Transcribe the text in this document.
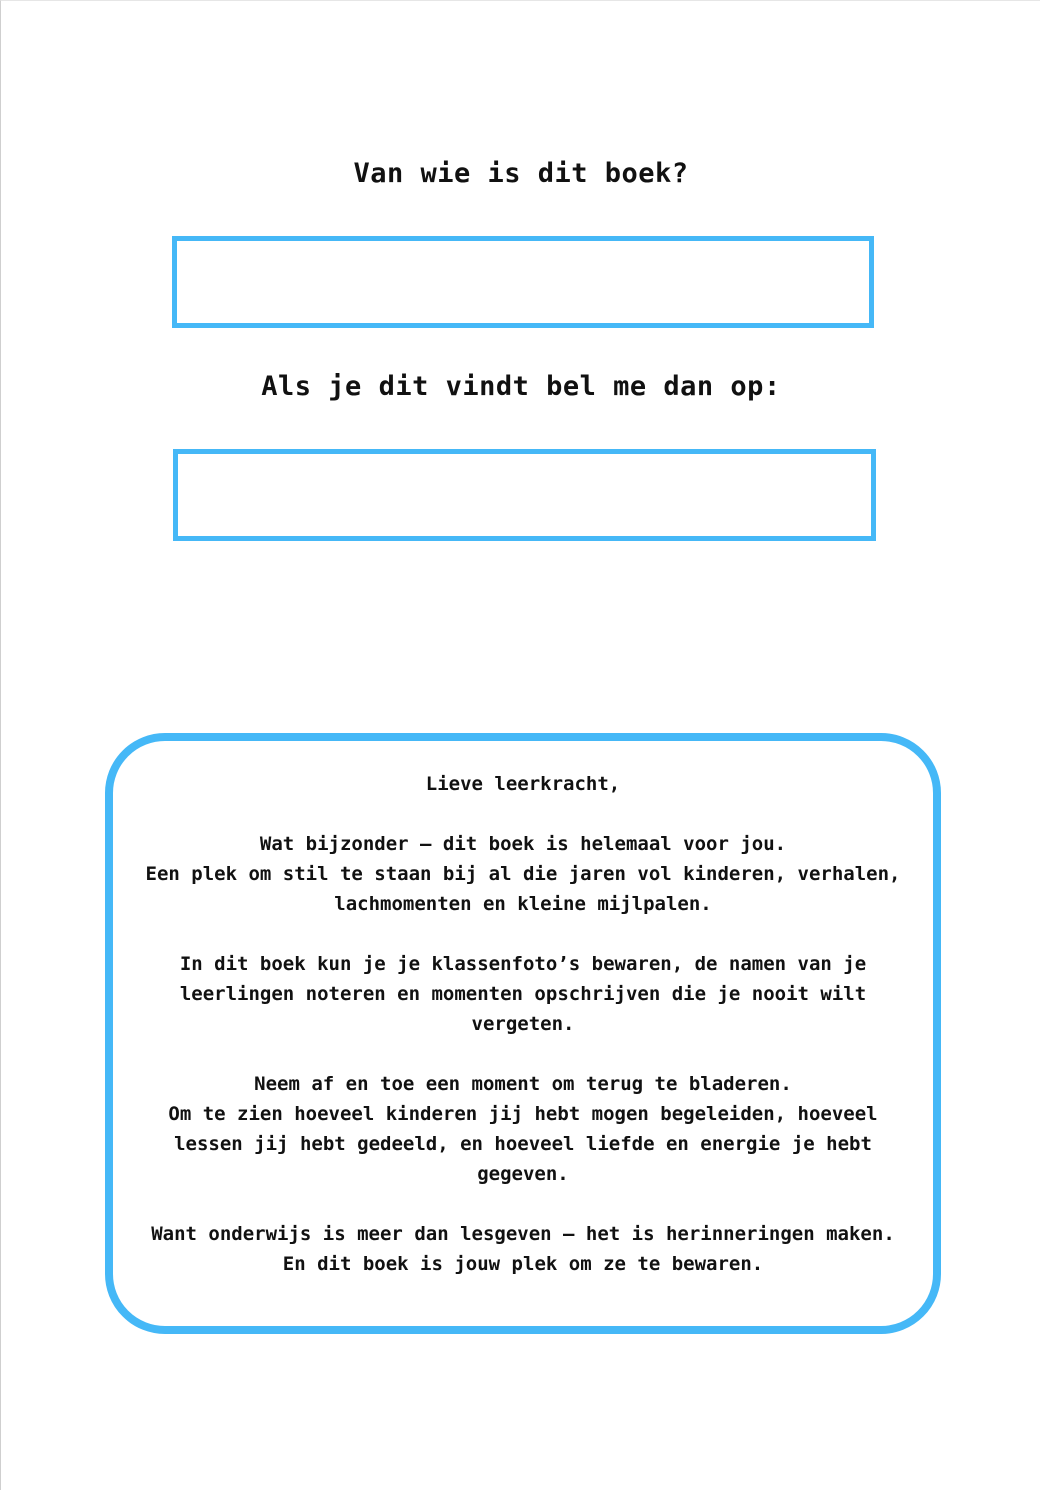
Van wie is dit boek?
Als je dit vindt bel me dan op:

Lieve leerkracht,

Wat bijzonder – dit boek is helemaal voor jou.
Een plek om stil te staan bij al die jaren vol kinderen, verhalen, lachmomenten en kleine mijlpalen.

In dit boek kun je je klassenfoto’s bewaren, de namen van je leerlingen noteren en momenten opschrijven die je nooit wilt vergeten.

Neem af en toe een moment om terug te bladeren.
Om te zien hoeveel kinderen jij hebt mogen begeleiden, hoeveel lessen jij hebt gedeeld, en hoeveel liefde en energie je hebt gegeven.

Want onderwijs is meer dan lesgeven – het is herinneringen maken.
En dit boek is jouw plek om ze te bewaren.
